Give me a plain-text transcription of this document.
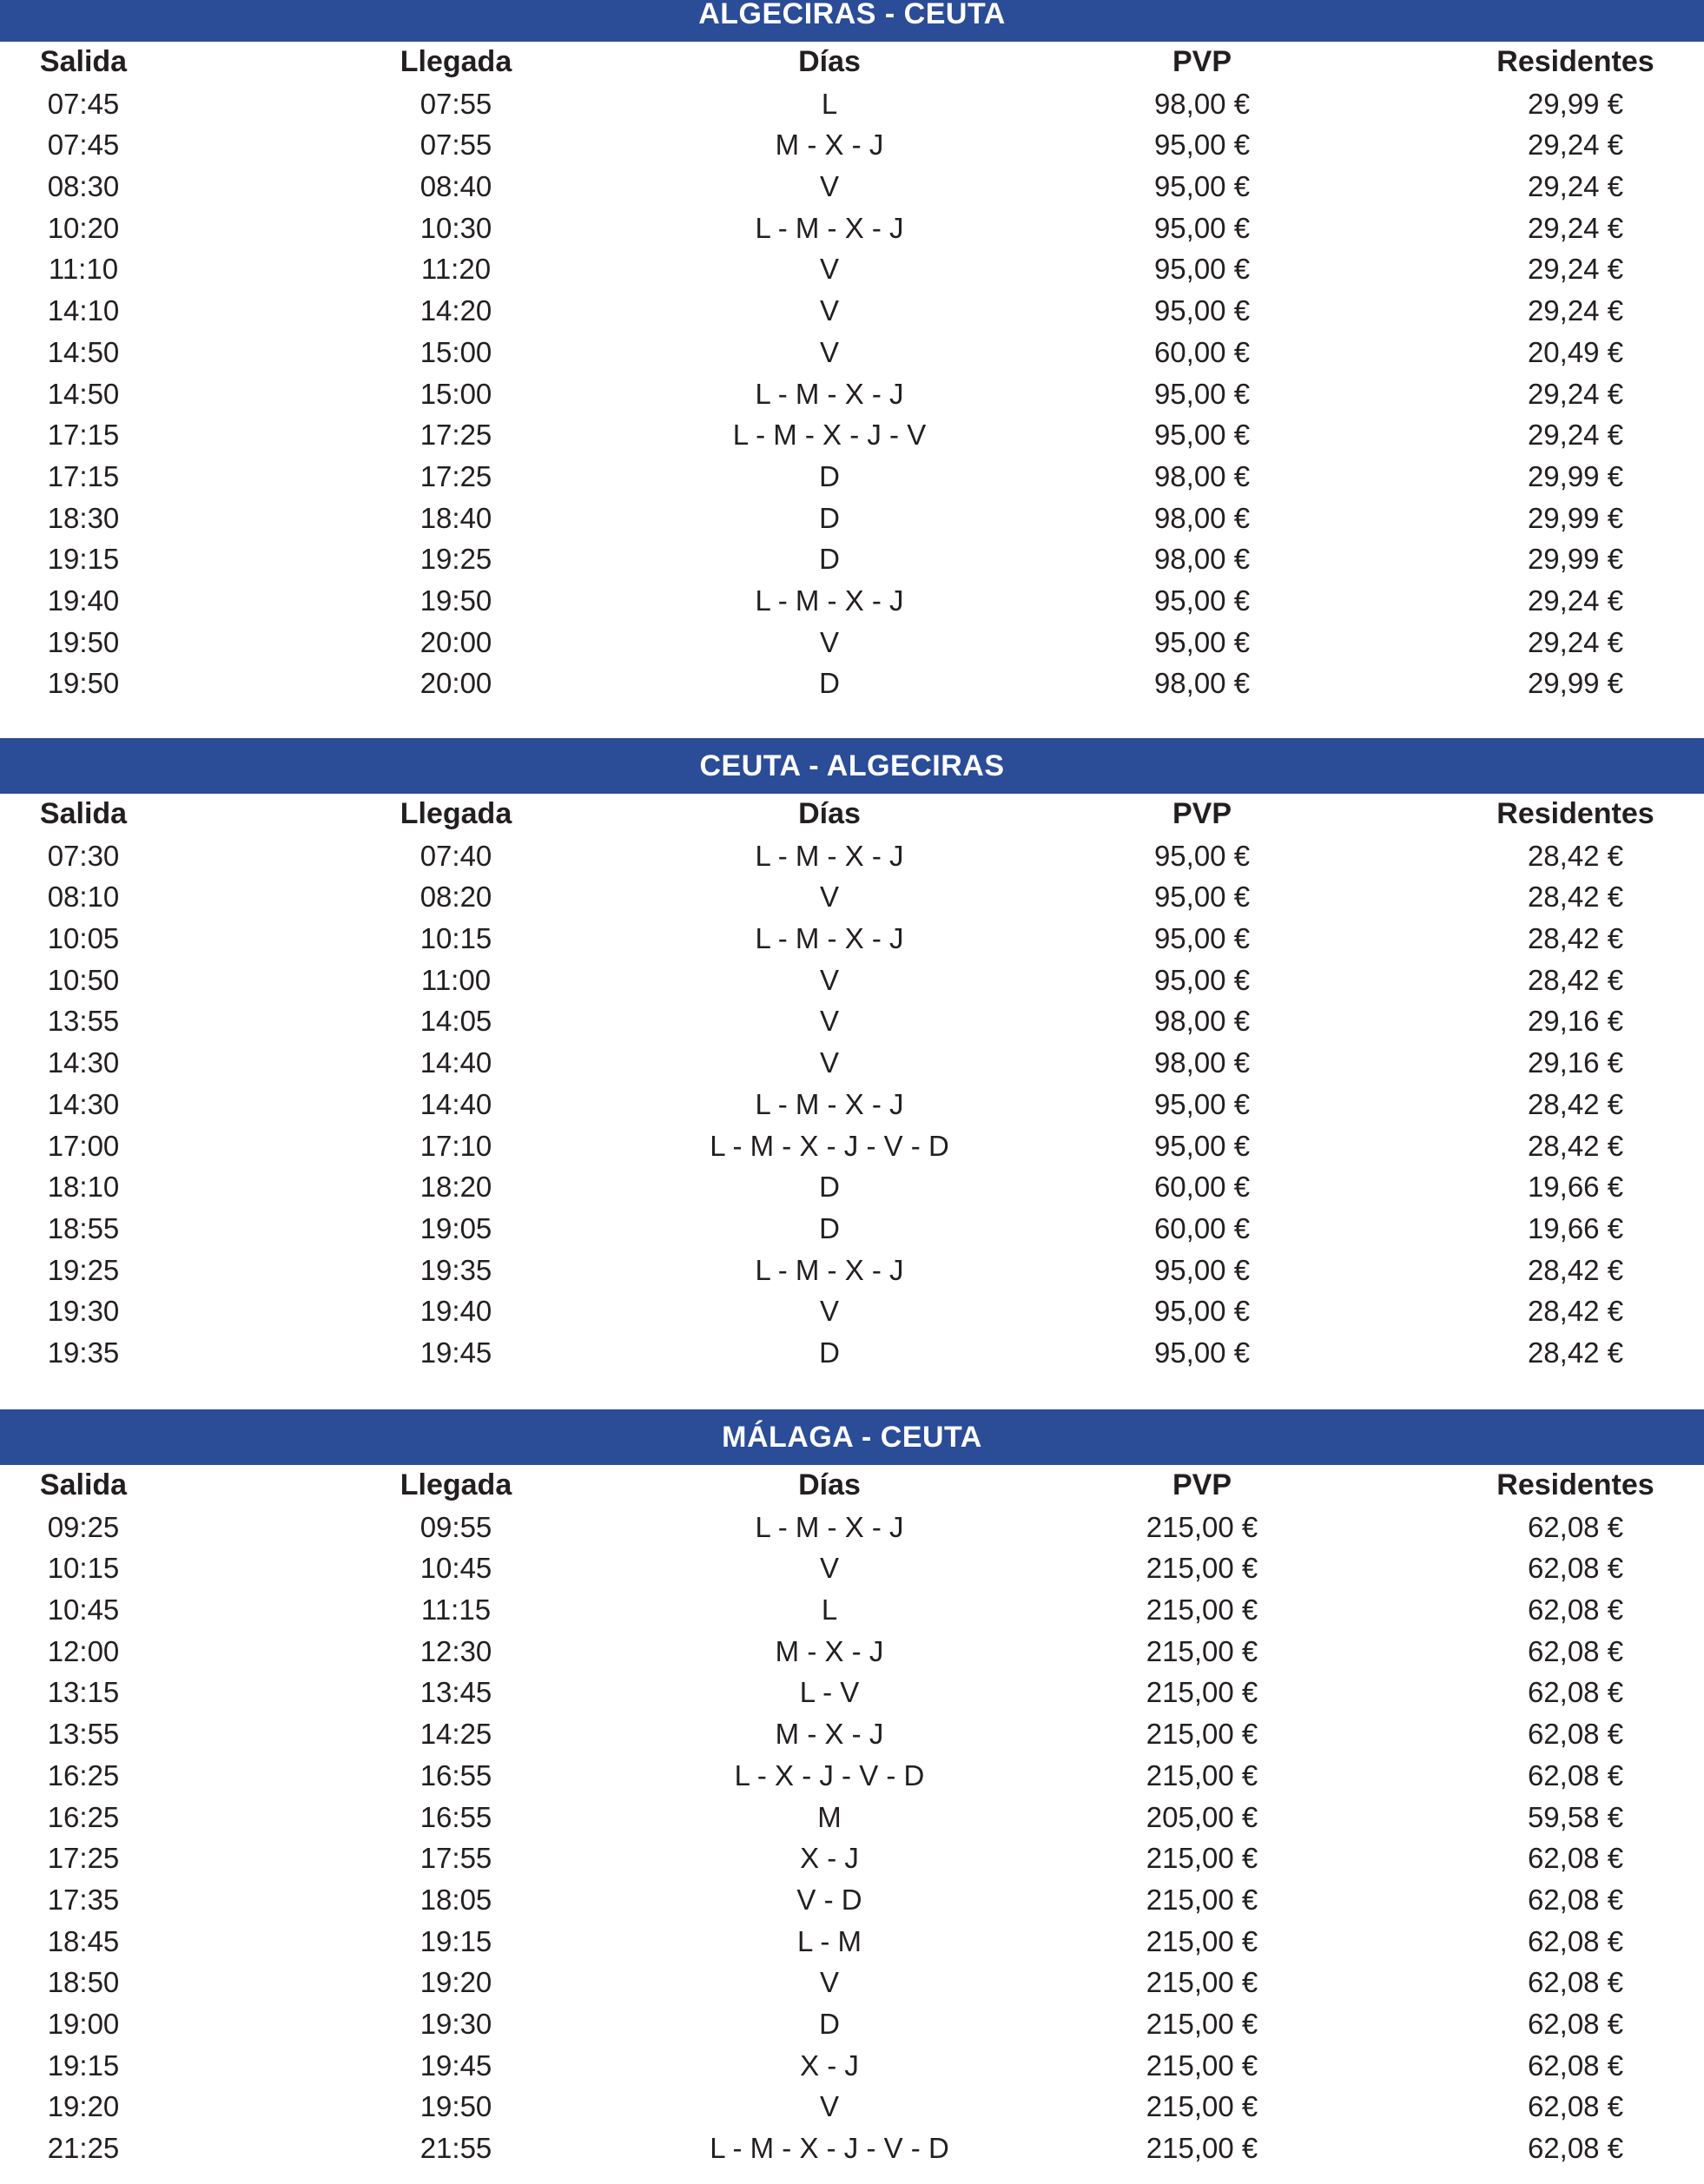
ALGECIRAS - CEUTA
Salida	Llegada	Días	PVP	Residentes
07:45	07:55	L	98,00 €	29,99 €
07:45	07:55	M - X - J	95,00 €	29,24 €
08:30	08:40	V	95,00 €	29,24 €
10:20	10:30	L - M - X - J	95,00 €	29,24 €
11:10	11:20	V	95,00 €	29,24 €
14:10	14:20	V	95,00 €	29,24 €
14:50	15:00	V	60,00 €	20,49 €
14:50	15:00	L - M - X - J	95,00 €	29,24 €
17:15	17:25	L - M - X - J - V	95,00 €	29,24 €
17:15	17:25	D	98,00 €	29,99 €
18:30	18:40	D	98,00 €	29,99 €
19:15	19:25	D	98,00 €	29,99 €
19:40	19:50	L - M - X - J	95,00 €	29,24 €
19:50	20:00	V	95,00 €	29,24 €
19:50	20:00	D	98,00 €	29,99 €
CEUTA - ALGECIRAS
Salida	Llegada	Días	PVP	Residentes
07:30	07:40	L - M - X - J	95,00 €	28,42 €
08:10	08:20	V	95,00 €	28,42 €
10:05	10:15	L - M - X - J	95,00 €	28,42 €
10:50	11:00	V	95,00 €	28,42 €
13:55	14:05	V	98,00 €	29,16 €
14:30	14:40	V	98,00 €	29,16 €
14:30	14:40	L - M - X - J	95,00 €	28,42 €
17:00	17:10	L - M - X - J - V - D	95,00 €	28,42 €
18:10	18:20	D	60,00 €	19,66 €
18:55	19:05	D	60,00 €	19,66 €
19:25	19:35	L - M - X - J	95,00 €	28,42 €
19:30	19:40	V	95,00 €	28,42 €
19:35	19:45	D	95,00 €	28,42 €
MÁLAGA - CEUTA
Salida	Llegada	Días	PVP	Residentes
09:25	09:55	L - M - X - J	215,00 €	62,08 €
10:15	10:45	V	215,00 €	62,08 €
10:45	11:15	L	215,00 €	62,08 €
12:00	12:30	M - X - J	215,00 €	62,08 €
13:15	13:45	L - V	215,00 €	62,08 €
13:55	14:25	M - X - J	215,00 €	62,08 €
16:25	16:55	L - X - J - V - D	215,00 €	62,08 €
16:25	16:55	M	205,00 €	59,58 €
17:25	17:55	X - J	215,00 €	62,08 €
17:35	18:05	V - D	215,00 €	62,08 €
18:45	19:15	L - M	215,00 €	62,08 €
18:50	19:20	V	215,00 €	62,08 €
19:00	19:30	D	215,00 €	62,08 €
19:15	19:45	X - J	215,00 €	62,08 €
19:20	19:50	V	215,00 €	62,08 €
21:25	21:55	L - M - X - J - V - D	215,00 €	62,08 €
